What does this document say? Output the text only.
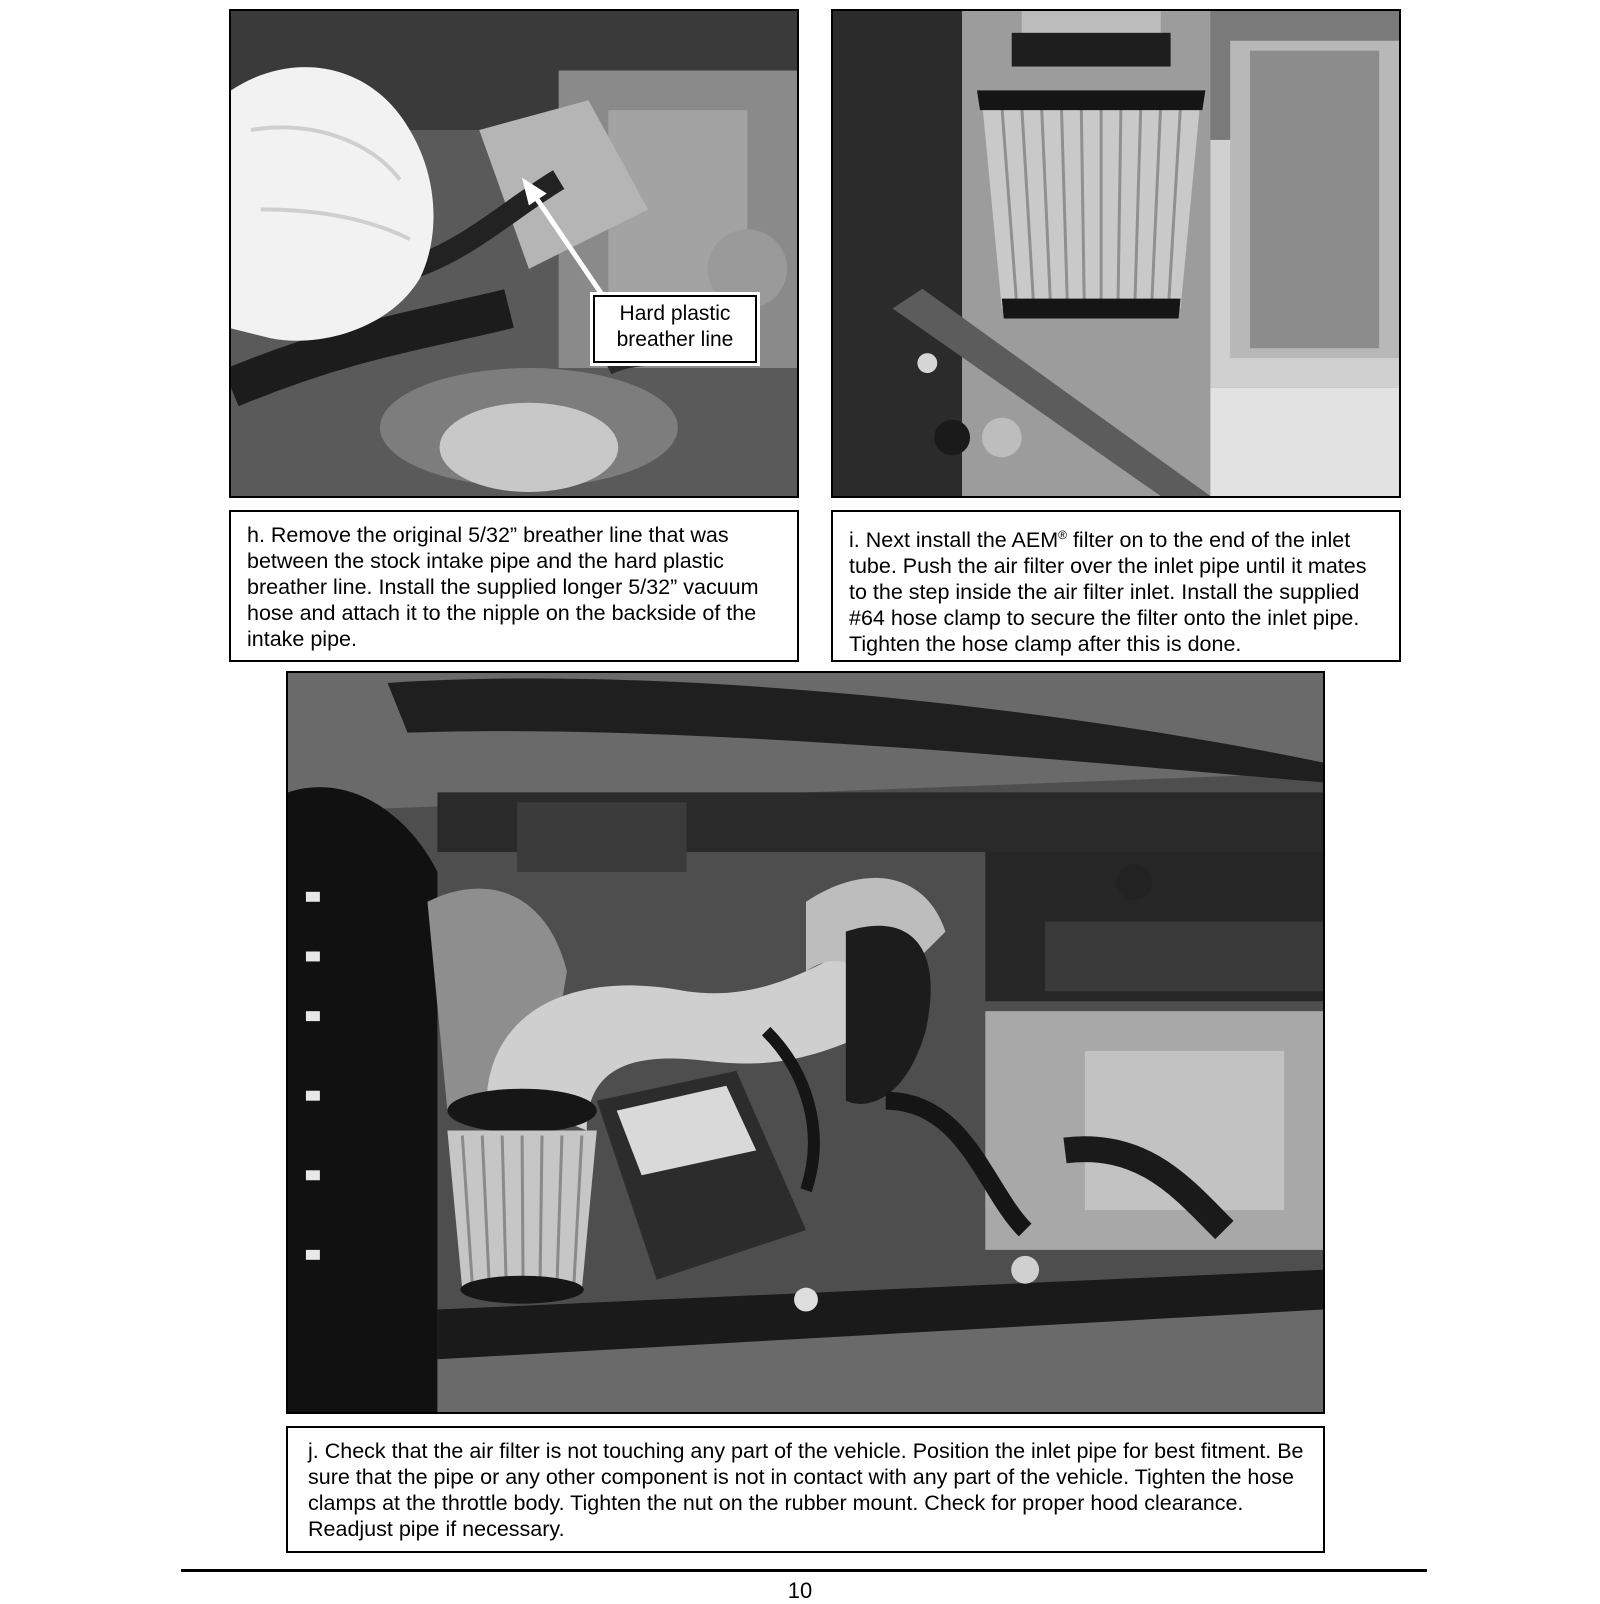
Hard plastic
breather line
h. Remove the original 5/32” breather line that was between the stock intake pipe and the hard plastic breather line. Install the supplied longer 5/32” vacuum hose and attach it to the nipple on the backside of the intake pipe.
i. Next install the AEM® filter on to the end of the inlet tube. Push the air filter over the inlet pipe until it mates to the step inside the air filter inlet. Install the supplied #64 hose clamp to secure the filter onto the inlet pipe. Tighten the hose clamp after this is done.
j. Check that the air filter is not touching any part of the vehicle. Position the inlet pipe for best fitment. Be sure that the pipe or any other component is not in contact with any part of the vehicle. Tighten the hose clamps at the throttle body. Tighten the nut on the rubber mount. Check for proper hood clearance. Readjust pipe if necessary.
10
